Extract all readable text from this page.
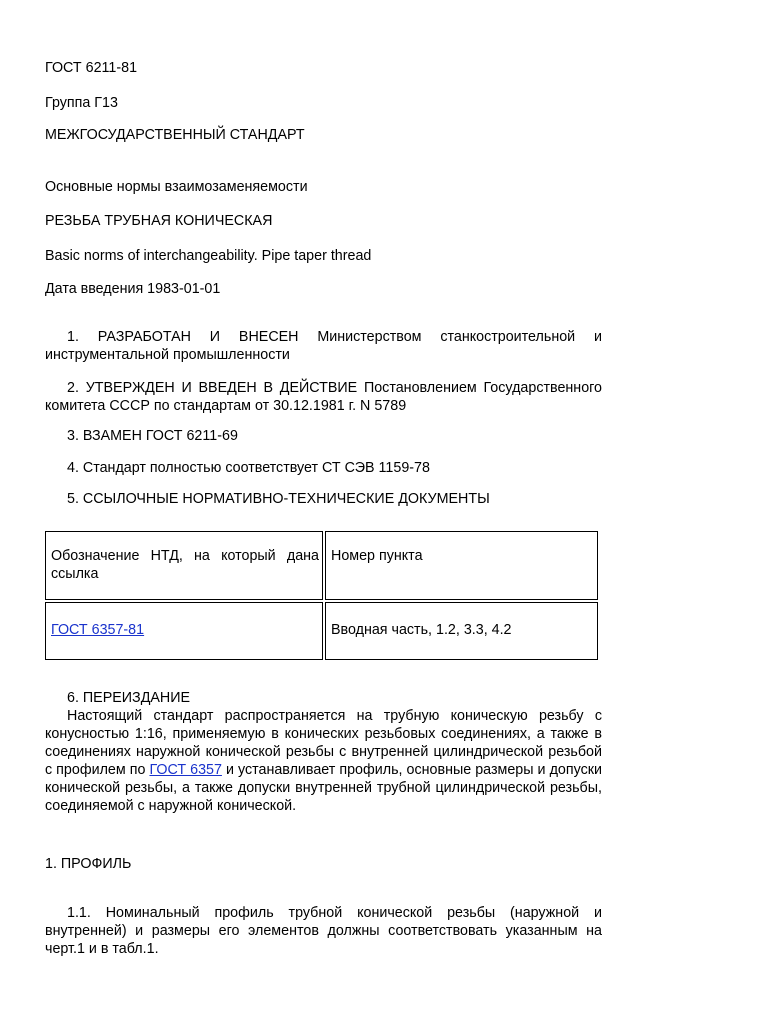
ГОСТ 6211-81
Группа Г13
МЕЖГОСУДАРСТВЕННЫЙ СТАНДАРТ
Основные нормы взаимозаменяемости
РЕЗЬБА ТРУБНАЯ КОНИЧЕСКАЯ
Basic norms of interchangeability. Pipe taper thread
Дата введения 1983-01-01
1. РАЗРАБОТАН И ВНЕСЕН Министерством станкостроительной и инструментальной промышленности
2. УТВЕРЖДЕН И ВВЕДЕН В ДЕЙСТВИЕ Постановлением Государственного комитета СССР по стандартам от 30.12.1981 г. N 5789
3. ВЗАМЕН ГОСТ 6211-69
4. Стандарт полностью соответствует СТ СЭВ 1159-78
5. ССЫЛОЧНЫЕ НОРМАТИВНО-ТЕХНИЧЕСКИЕ ДОКУМЕНТЫ
Обозначение НТД, на который дана ссылка	Номер пункта
ГОСТ 6357-81	Вводная часть, 1.2, 3.3, 4.2
6. ПЕРЕИЗДАНИЕ
Настоящий стандарт распространяется на трубную коническую резьбу с конусностью 1:16, применяемую в конических резьбовых соединениях, а также в соединениях наружной конической резьбы с внутренней цилиндрической резьбой с профилем по ГОСТ 6357 и устанавливает профиль, основные размеры и допуски конической резьбы, а также допуски внутренней трубной цилиндрической резьбы, соединяемой с наружной конической.
1. ПРОФИЛЬ
1.1. Номинальный профиль трубной конической резьбы (наружной и внутренней) и размеры его элементов должны соответствовать указанным на черт.1 и в табл.1.
